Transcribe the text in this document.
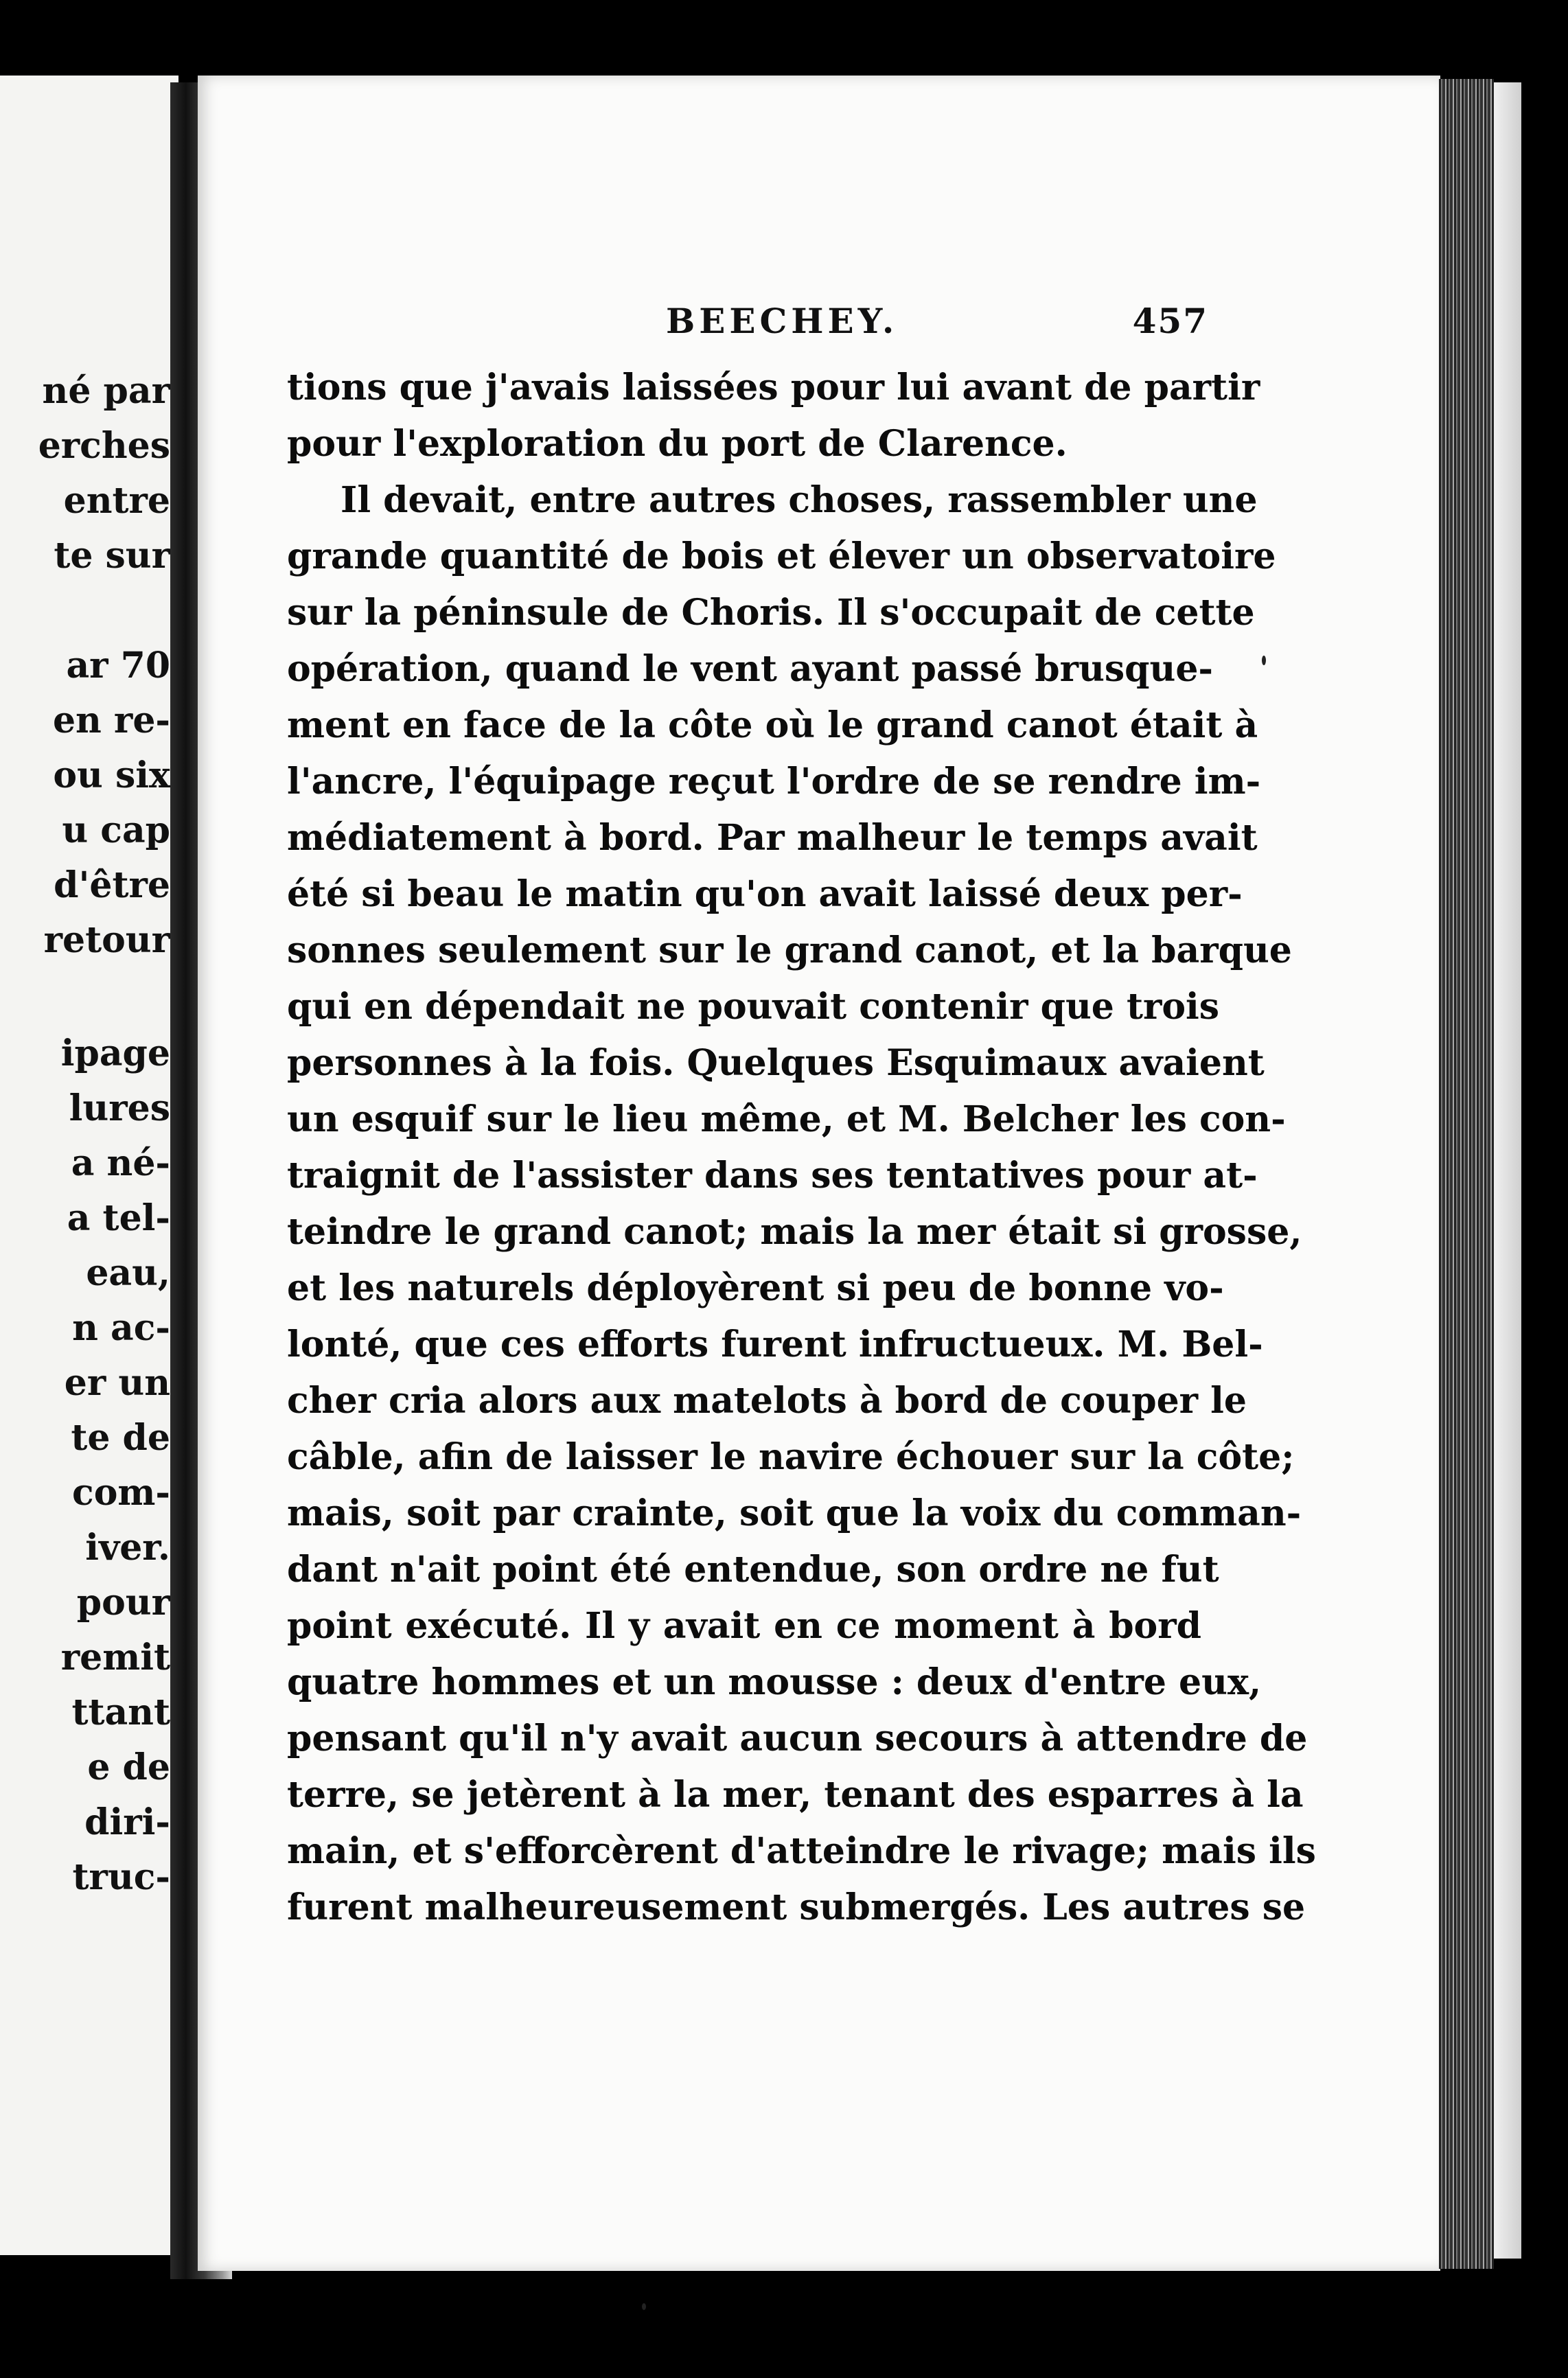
né par
erches
entre
te sur
ar 70
en re-
ou six
u cap
d'être
retour
ipage
lures
a né-
a tel-
eau,
n ac-
er un
te de
com-
iver.
pour
remit
ttant
e de
diri-
truc-
BEECHEY.	457
tions que j'avais laissées pour lui avant de partir
pour l'exploration du port de Clarence.
Il devait, entre autres choses, rassembler une
grande quantité de bois et élever un observatoire
sur la péninsule de Choris. Il s'occupait de cette
opération, quand le vent ayant passé brusque-
ment en face de la côte où le grand canot était à
l'ancre, l'équipage reçut l'ordre de se rendre im-
médiatement à bord. Par malheur le temps avait
été si beau le matin qu'on avait laissé deux per-
sonnes seulement sur le grand canot, et la barque
qui en dépendait ne pouvait contenir que trois
personnes à la fois. Quelques Esquimaux avaient
un esquif sur le lieu même, et M. Belcher les con-
traignit de l'assister dans ses tentatives pour at-
teindre le grand canot; mais la mer était si grosse,
et les naturels déployèrent si peu de bonne vo-
lonté, que ces efforts furent infructueux. M. Bel-
cher cria alors aux matelots à bord de couper le
câble, afin de laisser le navire échouer sur la côte;
mais, soit par crainte, soit que la voix du comman-
dant n'ait point été entendue, son ordre ne fut
point exécuté. Il y avait en ce moment à bord
quatre hommes et un mousse : deux d'entre eux,
pensant qu'il n'y avait aucun secours à attendre de
terre, se jetèrent à la mer, tenant des esparres à la
main, et s'efforcèrent d'atteindre le rivage; mais ils
furent malheureusement submergés. Les autres se
